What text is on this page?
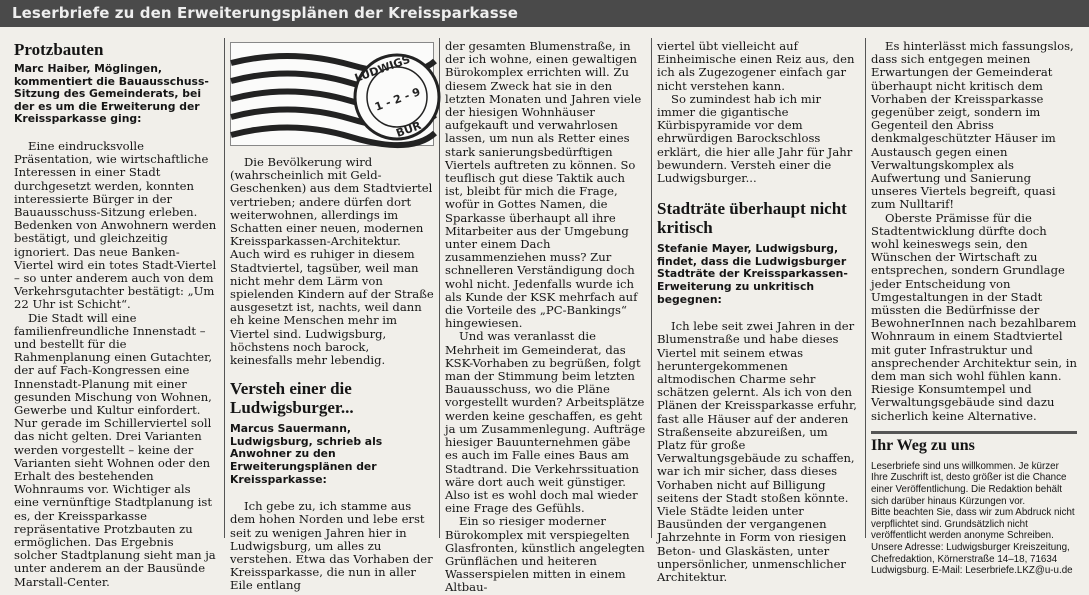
Leserbriefe zu den Erweiterungsplänen der Kreissparkasse
Protzbauten
Marc Haiber, Möglingen, kommentiert die Bauausschuss-Sitzung des Gemeinderats, bei der es um die Erweiterung der Kreissparkasse ging:

Eine eindrucksvolle Präsentation, wie wirtschaftliche Interessen in einer Stadt durchgesetzt werden, konnten interessierte Bürger in der Bauausschuss-Sitzung erleben. Bedenken von Anwohnern werden bestätigt, und gleichzeitig ignoriert. Das neue Banken-Viertel wird ein totes Stadt-Viertel – so unter anderem auch von dem Verkehrsgutachter bestätigt: „Um 22 Uhr ist Schicht“.

Die Stadt will eine familienfreundliche Innenstadt – und bestellt für die Rahmenplanung einen Gutachter, der auf Fach-Kongressen eine Innenstadt-Planung mit einer gesunden Mischung von Wohnen, Gewerbe und Kultur einfordert. Nur gerade im Schillerviertel soll das nicht gelten. Drei Varianten werden vorgestellt – keine der Varianten sieht Wohnen oder den Erhalt des bestehenden Wohnraums vor. Wichtiger als eine vernünftige Stadtplanung ist es, der Kreissparkasse repräsentative Protzbauten zu ermöglichen. Das Ergebnis solcher Stadtplanung sieht man ja unter anderem an der Bausünde Marstall-Center.

LUDWIGS
1 - 2 - 9
BUR

Die Bevölkerung wird (wahrscheinlich mit Geld-Geschenken) aus dem Stadtviertel vertrieben; andere dürfen dort weiterwohnen, allerdings im Schatten einer neuen, modernen Kreissparkassen-Architektur. Auch wird es ruhiger in diesem Stadtviertel, tagsüber, weil man nicht mehr dem Lärm von spielenden Kindern auf der Straße ausgesetzt ist, nachts, weil dann eh keine Menschen mehr im Viertel sind. Ludwigsburg, höchstens noch barock, keinesfalls mehr lebendig.

Versteh einer die Ludwigsburger...
Marcus Sauermann, Ludwigsburg, schrieb als Anwohner zu den Erweiterungsplänen der Kreissparkasse:

Ich gebe zu, ich stamme aus dem hohen Norden und lebe erst seit zu wenigen Jahren hier in Ludwigsburg, um alles zu verstehen. Etwa das Vorhaben der Kreissparkasse, die nun in aller Eile entlang

der gesamten Blumenstraße, in der ich wohne, einen gewaltigen Bürokomplex errichten will. Zu diesem Zweck hat sie in den letzten Monaten und Jahren viele der hiesigen Wohnhäuser aufgekauft und verwahrlosen lassen, um nun als Retter eines stark sanierungsbedürftigen Viertels auftreten zu können. So teuflisch gut diese Taktik auch ist, bleibt für mich die Frage, wofür in Gottes Namen, die Sparkasse überhaupt all ihre Mitarbeiter aus der Umgebung unter einem Dach zusammenziehen muss? Zur schnelleren Verständigung doch wohl nicht. Jedenfalls wurde ich als Kunde der KSK mehrfach auf die Vorteile des „PC-Bankings“ hingewiesen.

Und was veranlasst die Mehrheit im Gemeinderat, das KSK-Vorhaben zu begrüßen, folgt man der Stimmung beim letzten Bauausschuss, wo die Pläne vorgestellt wurden? Arbeitsplätze werden keine geschaffen, es geht ja um Zusammenlegung. Aufträge hiesiger Bauunternehmen gäbe es auch im Falle eines Baus am Stadtrand. Die Verkehrssituation wäre dort auch weit günstiger. Also ist es wohl doch mal wieder eine Frage des Gefühls.

Ein so riesiger moderner Bürokomplex mit verspiegelten Glasfronten, künstlich angelegten Grünflächen und heiteren Wasserspielen mitten in einem Altbau-

viertel übt vielleicht auf Einheimische einen Reiz aus, den ich als Zugezogener einfach gar nicht verstehen kann.

So zumindest hab ich mir immer die gigantische Kürbispyramide vor dem ehrwürdigen Barockschloss erklärt, die hier alle Jahr für Jahr bewundern. Versteh einer die Ludwigsburger...

Stadträte überhaupt nicht kritisch
Stefanie Mayer, Ludwigsburg, findet, dass die Ludwigsburger Stadträte der Kreissparkassen-Erweiterung zu unkritisch begegnen:

Ich lebe seit zwei Jahren in der Blumenstraße und habe dieses Viertel mit seinem etwas heruntergekommenen altmodischen Charme sehr schätzen gelernt. Als ich von den Plänen der Kreissparkasse erfuhr, fast alle Häuser auf der anderen Straßenseite abzureißen, um Platz für große Verwaltungsgebäude zu schaffen, war ich mir sicher, dass dieses Vorhaben nicht auf Billigung seitens der Stadt stoßen könnte. Viele Städte leiden unter Bausünden der vergangenen Jahrzehnte in Form von riesigen Beton- und Glaskästen, unter unpersönlicher, unmenschlicher Architektur.

Es hinterlässt mich fassungslos, dass sich entgegen meinen Erwartungen der Gemeinderat überhaupt nicht kritisch dem Vorhaben der Kreissparkasse gegenüber zeigt, sondern im Gegenteil den Abriss denkmalgeschützter Häuser im Austausch gegen einen Verwaltungskomplex als Aufwertung und Sanierung unseres Viertels begreift, quasi zum Nulltarif!

Oberste Prämisse für die Stadtentwicklung dürfte doch wohl keineswegs sein, den Wünschen der Wirtschaft zu entsprechen, sondern Grundlage jeder Entscheidung von Umgestaltungen in der Stadt müssten die Bedürfnisse der BewohnerInnen nach bezahlbarem Wohnraum in einem Stadtviertel mit guter Infrastruktur und ansprechender Architektur sein, in dem man sich wohl fühlen kann. Riesige Konsumtempel und Verwaltungsgebäude sind dazu sicherlich keine Alternative.

Ihr Weg zu uns

Leserbriefe sind uns willkommen. Je kürzer Ihre Zuschrift ist, desto größer ist die Chance einer Veröffentlichung. Die Redaktion behält sich darüber hinaus Kürzungen vor.

Bitte beachten Sie, dass wir zum Abdruck nicht verpflichtet sind. Grundsätzlich nicht veröffentlicht werden anonyme Schreiben.

Unsere Adresse: Ludwigsburger Kreiszeitung, Chefredaktion, Körnerstraße 14–18, 71634 Ludwigsburg. E-Mail: Leserbriefe.LKZ@u-u.de
